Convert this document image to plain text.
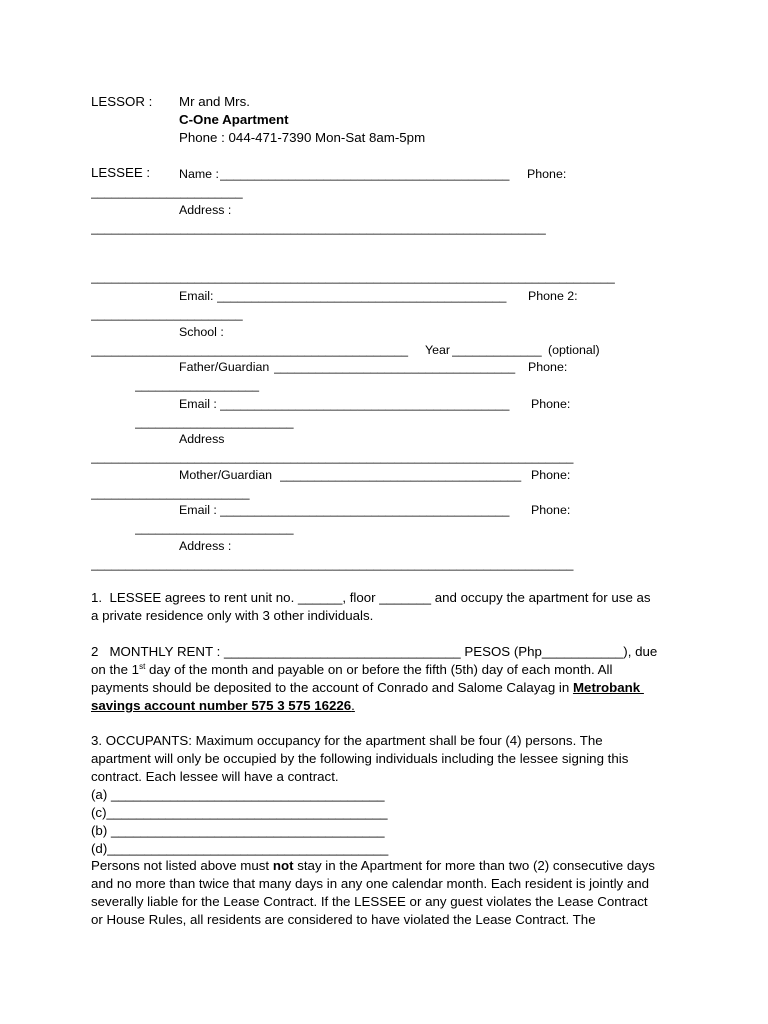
LESSOR : Mr and Mrs.
C-One Apartment
Phone : 044-471-7390 Mon-Sat 8am-5pm
LESSEE : Name : __________________________________________	Phone:
______________________
Address :
__________________________________________________________________
____________________________________________________________________________
Email: __________________________________________	Phone 2:
______________________
School :
______________________________________________	Year _____________ (optional)
Father/Guardian ___________________________________	Phone:
__________________
Email : __________________________________________	Phone:
_______________________
Address
______________________________________________________________________
Mother/Guardian ___________________________________ Phone:
_______________________
Email : __________________________________________	Phone:
_______________________
Address :
______________________________________________________________________
1.  LESSEE agrees to rent unit no. ______, floor _______ and occupy the apartment for use as
a private residence only with 3 other individuals.
2   MONTHLY RENT : ________________________________ PESOS (Php___________), due
on the 1st day of the month and payable on or before the fifth (5th) day of each month. All
payments should be deposited to the account of Conrado and Salome Calayag in Metrobank
savings account number 575 3 575 16226.
3. OCCUPANTS: Maximum occupancy for the apartment shall be four (4) persons. The
apartment will only be occupied by the following individuals including the lessee signing this
contract. Each lessee will have a contract.
(a) _____________________________________
(c)______________________________________
(b) _____________________________________
(d)______________________________________
Persons not listed above must not stay in the Apartment for more than two (2) consecutive days
and no more than twice that many days in any one calendar month. Each resident is jointly and
severally liable for the Lease Contract. If the LESSEE or any guest violates the Lease Contract
or House Rules, all residents are considered to have violated the Lease Contract. The
